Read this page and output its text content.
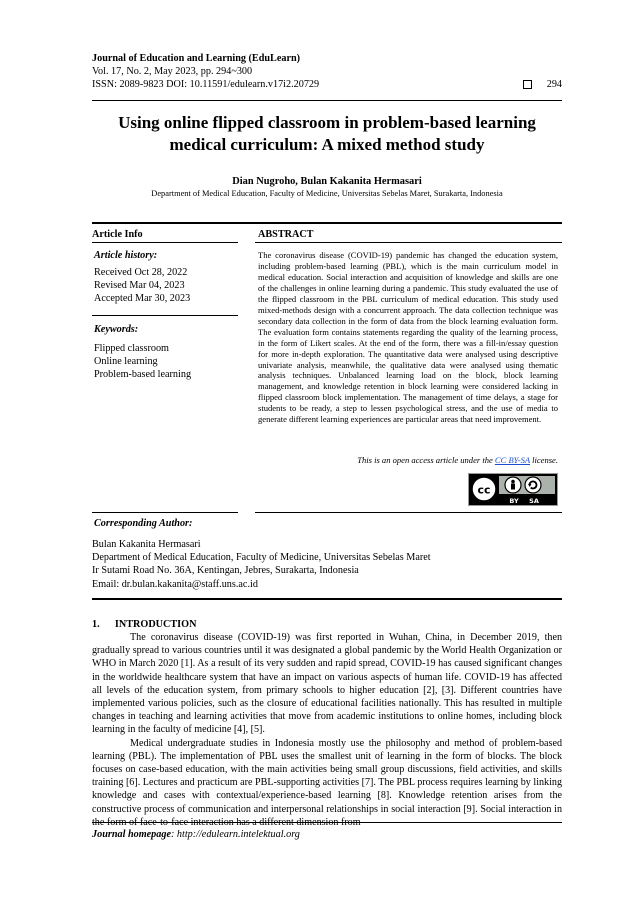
Journal of Education and Learning (EduLearn)
Vol. 17, No. 2, May 2023, pp. 294~300
ISSN: 2089-9823 DOI: 10.11591/edulearn.v17i2.20729	294
Using online flipped classroom in problem-based learning
medical curriculum: A mixed method study
Dian Nugroho, Bulan Kakanita Hermasari
Department of Medical Education, Faculty of Medicine, Universitas Sebelas Maret, Surakarta, Indonesia
Article Info	ABSTRACT
Article history:
Received Oct 28, 2022
Revised Mar 04, 2023
Accepted Mar 30, 2023
Keywords:
Flipped classroom
Online learning
Problem-based learning
The coronavirus disease (COVID-19) pandemic has changed the education system, including problem-based learning (PBL), which is the main curriculum model in medical education. Social interaction and acquisition of knowledge and skills are one of the challenges in online learning during a pandemic. This study evaluated the use of the flipped classroom in the PBL curriculum of medical education. This study used mixed-methods design with a concurrent approach. The data collection technique was secondary data collection in the form of data from the block learning evaluation form. The evaluation form contains statements regarding the quality of the learning process, in the form of Likert scales. At the end of the form, there was a fill-in/essay question for more in-depth exploration. The quantitative data were analysed using descriptive univariate analysis, meanwhile, the qualitative data were analysed using thematic analysis techniques. Unbalanced learning load on the block, block learning management, and knowledge retention in block learning were considered lacking in flipped classroom block implementation. The management of time delays, a stage for students to be ready, a step to lessen psychological stress, and the use of media to generate different learning experiences are particular areas that need improvement.
This is an open access article under the CC BY-SA license.
cc
BY SA
Corresponding Author:
Bulan Kakanita Hermasari
Department of Medical Education, Faculty of Medicine, Universitas Sebelas Maret
Ir Sutami Road No. 36A, Kentingan, Jebres, Surakarta, Indonesia
Email: dr.bulan.kakanita@staff.uns.ac.id
1.      INTRODUCTION

The coronavirus disease (COVID-19) was first reported in Wuhan, China, in December 2019, then gradually spread to various countries until it was designated a global pandemic by the World Health Organization or WHO in March 2020 [1]. As a result of its very sudden and rapid spread, COVID-19 has caused significant changes in the worldwide healthcare system that have an impact on various aspects of human life. COVID-19 has affected all levels of the education system, from primary schools to higher education [2], [3]. Different countries have implemented various policies, such as the closure of educational facilities nationally. This has resulted in multiple changes in teaching and learning activities that move from academic institutions to online homes, including block learning in the faculty of medicine [4], [5].

Medical undergraduate studies in Indonesia mostly use the philosophy and method of problem-based learning (PBL). The implementation of PBL uses the smallest unit of learning in the form of blocks. The block focuses on case-based education, with the main activities being small group discussions, field activities, and skills training [6]. Lectures and practicum are PBL-supporting activities [7]. The PBL process requires learning by linking knowledge and cases with contextual/experience-based learning [8]. Knowledge retention arises from the constructive process of communication and interpersonal relationships in social interaction [9]. Social interaction in the form of face-to-face interaction has a different dimension from

Journal homepage: http://edulearn.intelektual.org
